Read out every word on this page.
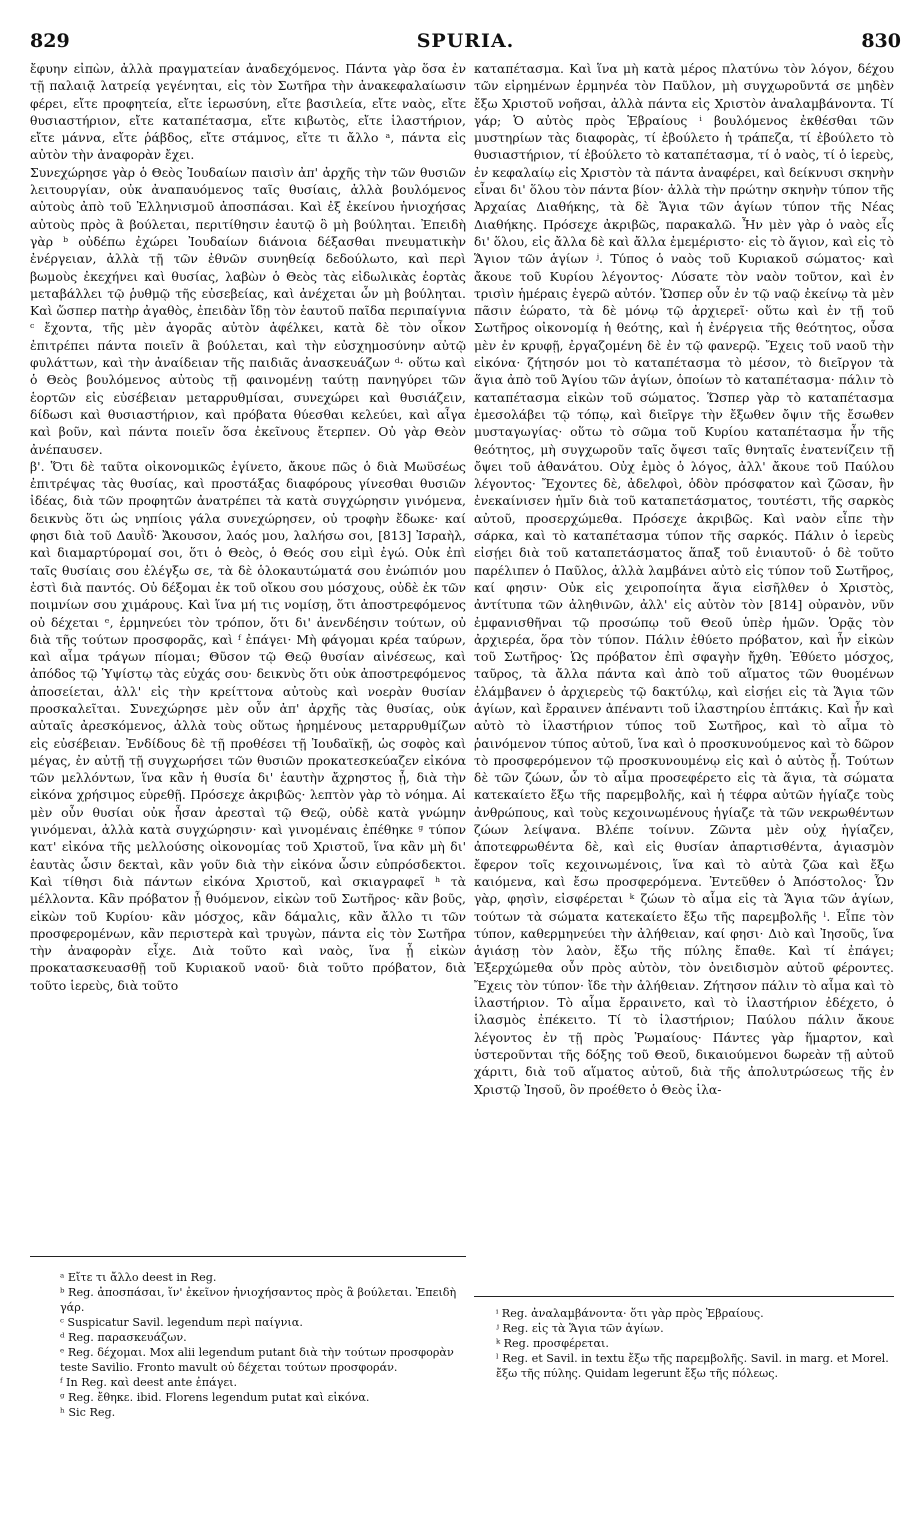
829	SPURIA.	830

ἔφυην εἰπὼν, ἀλλὰ πραγματείαν ἀναδεχόμενος. Πάντα γὰρ ὅσα ἐν τῇ παλαιᾷ λατρείᾳ γεγένηται, εἰς τὸν Σωτῆρα τὴν ἀνακεφαλαίωσιν φέρει, εἴτε προφητεία, εἴτε ἱερωσύνη, εἴτε βασιλεία, εἴτε ναὸς, εἴτε θυσιαστήριον, εἴτε καταπέτασμα, εἴτε κιβωτὸς, εἴτε ἱλαστήριον, εἴτε μάννα, εἴτε ῥάβδος, εἴτε στάμνος, εἴτε τι ἄλλο ᵃ, πάντα εἰς αὐτὸν τὴν ἀναφορὰν ἔχει.

Συνεχώρησε γὰρ ὁ Θεὸς Ἰουδαίων παισὶν ἀπ' ἀρχῆς τὴν τῶν θυσιῶν λειτουργίαν, οὐκ ἀναπαυόμενος ταῖς θυσίαις, ἀλλὰ βουλόμενος αὐτοὺς ἀπὸ τοῦ Ἑλληνισμοῦ ἀποσπάσαι. Καὶ ἐξ ἐκείνου ἠνιοχήσας αὐτοὺς πρὸς ἃ βούλεται, περιτίθησιν ἑαυτῷ ὃ μὴ βούληται. Ἐπειδὴ γὰρ ᵇ οὐδέπω ἐχώρει Ἰουδαίων διάνοια δέξασθαι πνευματικὴν ἐνέργειαν, ἀλλὰ τῇ τῶν ἐθνῶν συνηθείᾳ δεδούλωτο, καὶ περὶ βωμοὺς ἐκεχήνει καὶ θυσίας, λαβὼν ὁ Θεὸς τὰς εἰδωλικὰς ἑορτὰς μεταβάλλει τῷ ῥυθμῷ τῆς εὐσεβείας, καὶ ἀνέχεται ὧν μὴ βούληται. Καὶ ὥσπερ πατὴρ ἀγαθὸς, ἐπειδὰν ἴδῃ τὸν ἑαυτοῦ παῖδα περιπαίγνια ᶜ ἔχοντα, τῆς μὲν ἀγορᾶς αὐτὸν ἀφέλκει, κατὰ δὲ τὸν οἶκον ἐπιτρέπει πάντα ποιεῖν ἃ βούλεται, καὶ τὴν εὐσχημοσύνην αὐτῷ φυλάττων, καὶ τὴν ἀναίδειαν τῆς παιδιᾶς ἀνασκευάζων ᵈ· οὕτω καὶ ὁ Θεὸς βουλόμενος αὐτοὺς τῇ φαινομένῃ ταύτῃ πανηγύρει τῶν ἑορτῶν εἰς εὐσέβειαν μεταρρυθμίσαι, συνεχώρει καὶ θυσιάζειν, δίδωσι καὶ θυσιαστήριον, καὶ πρόβατα θύεσθαι κελεύει, καὶ αἶγα καὶ βοῦν, καὶ πάντα ποιεῖν ὅσα ἐκεῖνους ἔτερπεν. Οὐ γὰρ Θεὸν ἀνέπαυσεν.

β'. Ὅτι δὲ ταῦτα οἰκονομικῶς ἐγίνετο, ἄκουε πῶς ὁ διὰ Μωϋσέως ἐπιτρέψας τὰς θυσίας, καὶ προστάξας διαφόρους γίνεσθαι θυσιῶν ἰδέας, διὰ τῶν προφητῶν ἀνατρέπει τὰ κατὰ συγχώρησιν γινόμενα, δεικνὺς ὅτι ὡς νηπίοις γάλα συνεχώρησεν, οὐ τροφὴν ἔδωκε· καί φησι διὰ τοῦ Δαυῒδ· Ἄκουσον, λαός μου, λαλήσω σοι, [813] Ἰσραὴλ, καὶ διαμαρτύρομαί σοι, ὅτι ὁ Θεὸς, ὁ Θεός σου εἰμὶ ἐγώ. Οὐκ ἐπὶ ταῖς θυσίαις σου ἐλέγξω σε, τὰ δὲ ὁλοκαυτώματά σου ἐνώπιόν μου ἐστὶ διὰ παντός. Οὐ δέξομαι ἐκ τοῦ οἴκου σου μόσχους, οὐδὲ ἐκ τῶν ποιμνίων σου χιμάρους. Καὶ ἵνα μή τις νομίσῃ, ὅτι ἀποστρεφόμενος οὐ δέχεται ᵉ, ἑρμηνεύει τὸν τρόπον, ὅτι δι' ἀνενδέησιν τούτων, οὐ διὰ τῆς τούτων προσφορᾶς, καὶ ᶠ ἐπάγει· Μὴ φάγομαι κρέα ταύρων, καὶ αἷμα τράγων πίομαι; Θῦσον τῷ Θεῷ θυσίαν αἰνέσεως, καὶ ἀπόδος τῷ Ὑψίστῳ τὰς εὐχάς σου· δεικνὺς ὅτι οὐκ ἀποστρεφόμενος ἀποσείεται, ἀλλ' εἰς τὴν κρείττονα αὐτοὺς καὶ νοερὰν θυσίαν προσκαλεῖται. Συνεχώρησε μὲν οὖν ἀπ' ἀρχῆς τὰς θυσίας, οὐκ αὐταῖς ἀρεσκόμενος, ἀλλὰ τοὺς οὕτως ἠρημένους μεταρρυθμίζων εἰς εὐσέβειαν. Ἐνδίδους δὲ τῇ προθέσει τῇ Ἰουδαϊκῇ, ὡς σοφὸς καὶ μέγας, ἐν αὐτῇ τῇ συγχωρήσει τῶν θυσιῶν προκατεσκεύαζεν εἰκόνα τῶν μελλόντων, ἵνα κἂν ἡ θυσία δι' ἑαυτὴν ἄχρηστος ᾖ, διὰ τὴν εἰκόνα χρήσιμος εὑρεθῇ. Πρόσεχε ἀκριβῶς· λεπτὸν γὰρ τὸ νόημα. Αἱ μὲν οὖν θυσίαι οὐκ ἦσαν ἀρεσταὶ τῷ Θεῷ, οὐδὲ κατὰ γνώμην γινόμεναι, ἀλλὰ κατὰ συγχώρησιν· καὶ γινομέναις ἐπέθηκε ᵍ τύπον κατ' εἰκόνα τῆς μελλούσης οἰκονομίας τοῦ Χριστοῦ, ἵνα κἂν μὴ δι' ἑαυτὰς ὦσιν δεκταὶ, κἂν γοῦν διὰ τὴν εἰκόνα ὦσιν εὐπρόσδεκτοι. Καὶ τίθησι διὰ πάντων εἰκόνα Χριστοῦ, καὶ σκιαγραφεῖ ʰ τὰ μέλλοντα. Κἂν πρόβατον ᾖ θυόμενον, εἰκὼν τοῦ Σωτῆρος· κἂν βοῦς, εἰκὼν τοῦ Κυρίου· κἂν μόσχος, κἂν δάμαλις, κἂν ἄλλο τι τῶν προσφερομένων, κἂν περιστερὰ καὶ τρυγὼν, πάντα εἰς τὸν Σωτῆρα τὴν ἀναφορὰν εἶχε. Διὰ τοῦτο καὶ ναὸς, ἵνα ᾖ εἰκὼν προκατασκευασθῇ τοῦ Κυριακοῦ ναοῦ· διὰ τοῦτο πρόβατον, διὰ τοῦτο ἱερεὺς, διὰ τοῦτο

καταπέτασμα. Καὶ ἵνα μὴ κατὰ μέρος πλατύνω τὸν λόγον, δέχου τῶν εἰρημένων ἑρμηνέα τὸν Παῦλον, μὴ συγχωροῦντά σε μηδὲν ἔξω Χριστοῦ νοῆσαι, ἀλλὰ πάντα εἰς Χριστὸν ἀναλαμβάνοντα. Τί γάρ; Ὁ αὐτὸς πρὸς Ἑβραίους ⁱ βουλόμενος ἐκθέσθαι τῶν μυστηρίων τὰς διαφορὰς, τί ἐβούλετο ἡ τράπεζα, τί ἐβούλετο τὸ θυσιαστήριον, τί ἐβούλετο τὸ καταπέτασμα, τί ὁ ναὸς, τί ὁ ἱερεὺς, ἐν κεφαλαίῳ εἰς Χριστὸν τὰ πάντα ἀναφέρει, καὶ δείκνυσι σκηνὴν εἶναι δι' ὅλου τὸν πάντα βίον· ἀλλὰ τὴν πρώτην σκηνὴν τύπον τῆς Ἀρχαίας Διαθήκης, τὰ δὲ Ἅγια τῶν ἁγίων τύπον τῆς Νέας Διαθήκης. Πρόσεχε ἀκριβῶς, παρακαλῶ. Ἦν μὲν γὰρ ὁ ναὸς εἷς δι' ὅλου, εἰς ἄλλα δὲ καὶ ἄλλα ἐμεμέριστο· εἰς τὸ ἅγιον, καὶ εἰς τὸ Ἅγιον τῶν ἁγίων ʲ. Τύπος ὁ ναὸς τοῦ Κυριακοῦ σώματος· καὶ ἄκουε τοῦ Κυρίου λέγοντος· Λύσατε τὸν ναὸν τοῦτον, καὶ ἐν τρισὶν ἡμέραις ἐγερῶ αὐτόν. Ὥσπερ οὖν ἐν τῷ ναῷ ἐκείνῳ τὰ μὲν πᾶσιν ἑώρατο, τὰ δὲ μόνῳ τῷ ἀρχιερεῖ· οὕτω καὶ ἐν τῇ τοῦ Σωτῆρος οἰκονομίᾳ ἡ θεότης, καὶ ἡ ἐνέργεια τῆς θεότητος, οὖσα μὲν ἐν κρυφῇ, ἐργαζομένη δὲ ἐν τῷ φανερῷ. Ἔχεις τοῦ ναοῦ τὴν εἰκόνα· ζήτησόν μοι τὸ καταπέτασμα τὸ μέσον, τὸ διεῖργον τὰ ἅγια ἀπὸ τοῦ Ἁγίου τῶν ἁγίων, ὁποίων τὸ καταπέτασμα· πάλιν τὸ καταπέτασμα εἰκὼν τοῦ σώματος. Ὥσπερ γὰρ τὸ καταπέτασμα ἐμεσολάβει τῷ τόπῳ, καὶ διεῖργε τὴν ἔξωθεν ὄψιν τῆς ἔσωθεν μυσταγωγίας· οὕτω τὸ σῶμα τοῦ Κυρίου καταπέτασμα ἦν τῆς θεότητος, μὴ συγχωροῦν ταῖς ὄψεσι ταῖς θνηταῖς ἐνατενίζειν τῇ ὄψει τοῦ ἀθανάτου. Οὐχ ἐμὸς ὁ λόγος, ἀλλ' ἄκουε τοῦ Παύλου λέγοντος· Ἔχοντες δὲ, ἀδελφοὶ, ὁδὸν πρόσφατον καὶ ζῶσαν, ἣν ἐνεκαίνισεν ἡμῖν διὰ τοῦ καταπετάσματος, τουτέστι, τῆς σαρκὸς αὐτοῦ, προσερχώμεθα. Πρόσεχε ἀκριβῶς. Καὶ ναὸν εἶπε τὴν σάρκα, καὶ τὸ καταπέτασμα τύπον τῆς σαρκός. Πάλιν ὁ ἱερεὺς εἰσῄει διὰ τοῦ καταπετάσματος ἅπαξ τοῦ ἐνιαυτοῦ· ὁ δὲ τοῦτο παρέλιπεν ὁ Παῦλος, ἀλλὰ λαμβάνει αὐτὸ εἰς τύπον τοῦ Σωτῆρος, καί φησιν· Οὐκ εἰς χειροποίητα ἅγια εἰσῆλθεν ὁ Χριστὸς, ἀντίτυπα τῶν ἀληθινῶν, ἀλλ' εἰς αὐτὸν τὸν [814] οὐρανὸν, νῦν ἐμφανισθῆναι τῷ προσώπῳ τοῦ Θεοῦ ὑπὲρ ἡμῶν. Ὁρᾷς τὸν ἀρχιερέα, ὅρα τὸν τύπον. Πάλιν ἐθύετο πρόβατον, καὶ ἦν εἰκὼν τοῦ Σωτῆρος· Ὡς πρόβατον ἐπὶ σφαγὴν ἤχθη. Ἐθύετο μόσχος, ταῦρος, τὰ ἄλλα πάντα καὶ ἀπὸ τοῦ αἵματος τῶν θυομένων ἐλάμβανεν ὁ ἀρχιερεὺς τῷ δακτύλῳ, καὶ εἰσῄει εἰς τὰ Ἅγια τῶν ἁγίων, καὶ ἔρραινεν ἀπέναντι τοῦ ἱλαστηρίου ἑπτάκις. Καὶ ἦν καὶ αὐτὸ τὸ ἱλαστήριον τύπος τοῦ Σωτῆρος, καὶ τὸ αἷμα τὸ ῥαινόμενον τύπος αὐτοῦ, ἵνα καὶ ὁ προσκυνούμενος καὶ τὸ δῶρον τὸ προσφερόμενον τῷ προσκυνουμένῳ εἰς καὶ ὁ αὐτὸς ᾖ. Τούτων δὲ τῶν ζώων, ὧν τὸ αἷμα προσεφέρετο εἰς τὰ ἅγια, τὰ σώματα κατεκαίετο ἔξω τῆς παρεμβολῆς, καὶ ἡ τέφρα αὐτῶν ἡγίαζε τοὺς ἀνθρώπους, καὶ τοὺς κεχοινωμένους ἡγίαζε τὰ τῶν νεκρωθέντων ζώων λείψανα. Βλέπε τοίνυν. Ζῶντα μὲν οὐχ ἡγίαζεν, ἀποτεφρωθέντα δὲ, καὶ εἰς θυσίαν ἀπαρτισθέντα, ἁγιασμὸν ἔφερον τοῖς κεχοινωμένοις, ἵνα καὶ τὸ αὐτὰ ζῶα καὶ ἔξω καιόμενα, καὶ ἔσω προσφερόμενα. Ἐντεῦθεν ὁ Ἀπόστολος· Ὧν γὰρ, φησὶν, εἰσφέρεται ᵏ ζώων τὸ αἷμα εἰς τὰ Ἅγια τῶν ἁγίων, τούτων τὰ σώματα κατεκαίετο ἔξω τῆς παρεμβολῆς ˡ. Εἶπε τὸν τύπον, καθερμηνεύει τὴν ἀλήθειαν, καί φησι· Διὸ καὶ Ἰησοῦς, ἵνα ἁγιάσῃ τὸν λαὸν, ἔξω τῆς πύλης ἔπαθε. Καὶ τί ἐπάγει; Ἐξερχώμεθα οὖν πρὸς αὐτὸν, τὸν ὀνειδισμὸν αὐτοῦ φέροντες. Ἔχεις τὸν τύπον· ἴδε τὴν ἀλήθειαν. Ζήτησον πάλιν τὸ αἷμα καὶ τὸ ἱλαστήριον. Τὸ αἷμα ἔρραινετο, καὶ τὸ ἱλαστήριον ἐδέχετο, ὁ ἱλασμὸς ἐπέκειτο. Τί τὸ ἱλαστήριον; Παύλου πάλιν ἄκουε λέγοντος ἐν τῇ πρὸς Ῥωμαίους· Πάντες γὰρ ἥμαρτον, καὶ ὑστεροῦνται τῆς δόξης τοῦ Θεοῦ, δικαιούμενοι δωρεὰν τῇ αὐτοῦ χάριτι, διὰ τοῦ αἵματος αὐτοῦ, διὰ τῆς ἀπολυτρώσεως τῆς ἐν Χριστῷ Ἰησοῦ, ὃν προέθετο ὁ Θεὸς ἱλα-

ᵃ Εἴτε τι ἄλλο deest in Reg.
ᵇ Reg. ἀποσπάσαι, ἵν' ἐκεῖνον ἡνιοχήσαντος πρὸς ἃ βούλεται. Ἐπειδὴ γάρ.
ᶜ Suspicatur Savil. legendum περὶ παίγνια.
ᵈ Reg. παρασκευάζων.
ᵉ Reg. δέχομαι. Mox alii legendum putant διὰ τὴν τούτων προσφορὰν teste Savilio. Fronto mavult οὐ δέχεται τούτων προσφοράν.
ᶠ In Reg. καὶ deest ante ἐπάγει.
ᵍ Reg. ἔθηκε. ibid. Florens legendum putat καὶ εἰκόνα.
ʰ Sic Reg.
ⁱ Reg. ἀναλαμβάνοντα· ὅτι γὰρ πρὸς Ἑβραίους.
ʲ Reg. εἰς τὰ Ἅγια τῶν ἁγίων.
ᵏ Reg. προσφέρεται.
ˡ Reg. et Savil. in textu ἔξω τῆς παρεμβολῆς. Savil. in marg. et Morel. ἔξω τῆς πύλης. Quidam legerunt ἔξω τῆς πόλεως.
